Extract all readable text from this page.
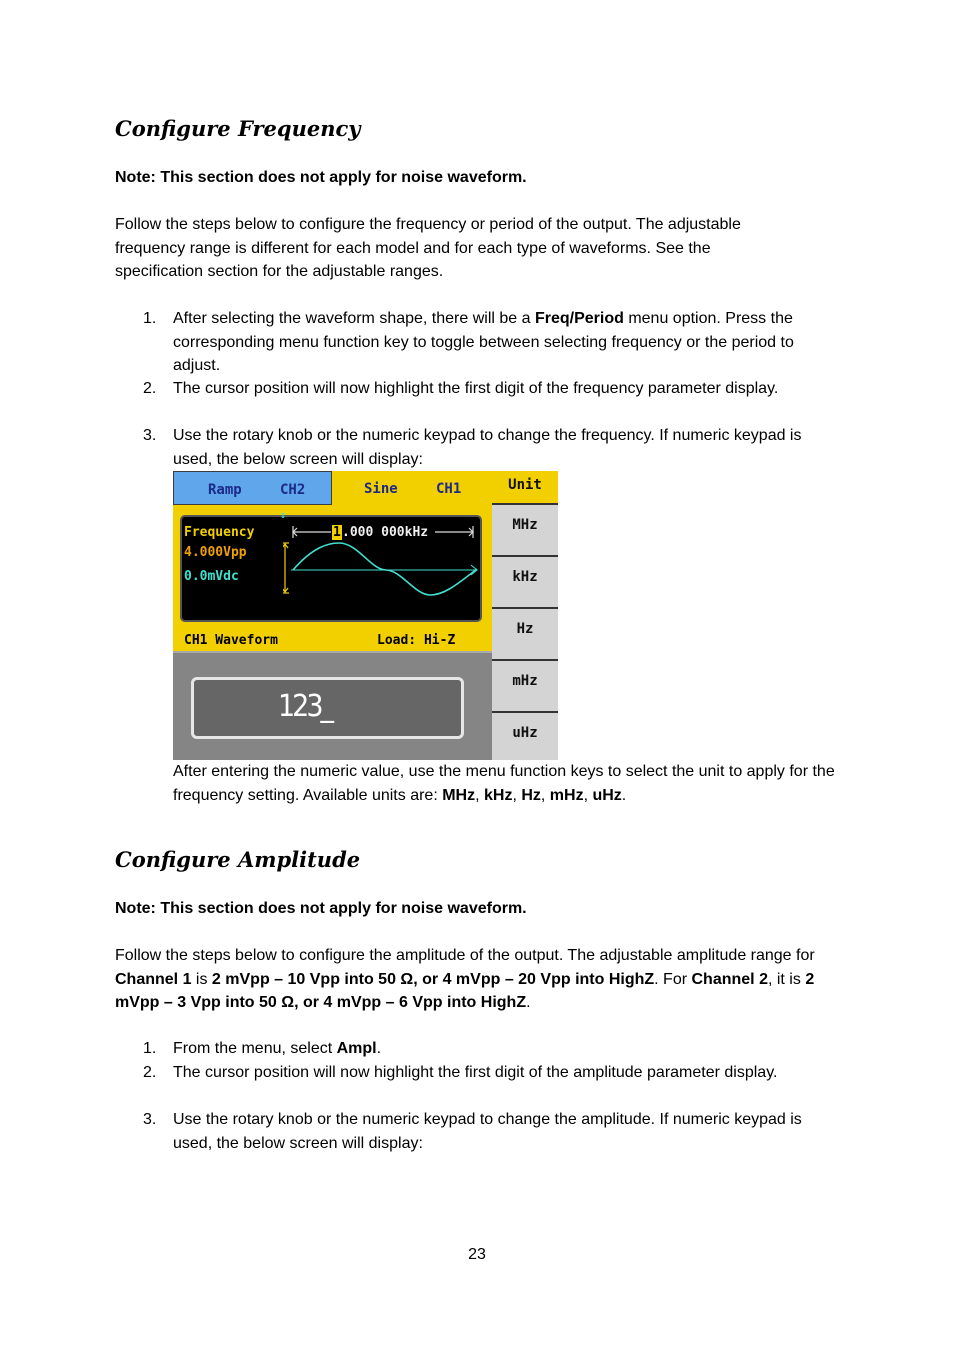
Configure Frequency
Note: This section does not apply for noise waveform.
Follow the steps below to configure the frequency or period of the output. The adjustable
frequency range is different for each model and for each type of waveforms. See the
specification section for the adjustable ranges.
1. After selecting the waveform shape, there will be a Freq/Period menu option. Press the corresponding menu function key to toggle between selecting frequency or the period to adjust.
2. The cursor position will now highlight the first digit of the frequency parameter display.
3. Use the rotary knob or the numeric keypad to change the frequency. If numeric keypad is used, the below screen will display:
Ramp	CH2	Sine	CH1
Frequency
4.000Vpp
0.0mVdc
⇕
1 .000 000kHz
CH1 Waveform	Load: Hi-Z
123_
Unit
MHz
kHz
Hz
mHz
uHz
After entering the numeric value, use the menu function keys to select the unit to apply for the frequency setting. Available units are: MHz, kHz, Hz, mHz, uHz.
Configure Amplitude
Note: This section does not apply for noise waveform.
Follow the steps below to configure the amplitude of the output. The adjustable amplitude range for Channel 1 is 2 mVpp – 10 Vpp into 50 Ω, or 4 mVpp – 20 Vpp into HighZ. For Channel 2, it is 2 mVpp – 3 Vpp into 50 Ω, or 4 mVpp – 6 Vpp into HighZ.
1. From the menu, select Ampl.
2. The cursor position will now highlight the first digit of the amplitude parameter display.
3. Use the rotary knob or the numeric keypad to change the amplitude. If numeric keypad is used, the below screen will display:
23
